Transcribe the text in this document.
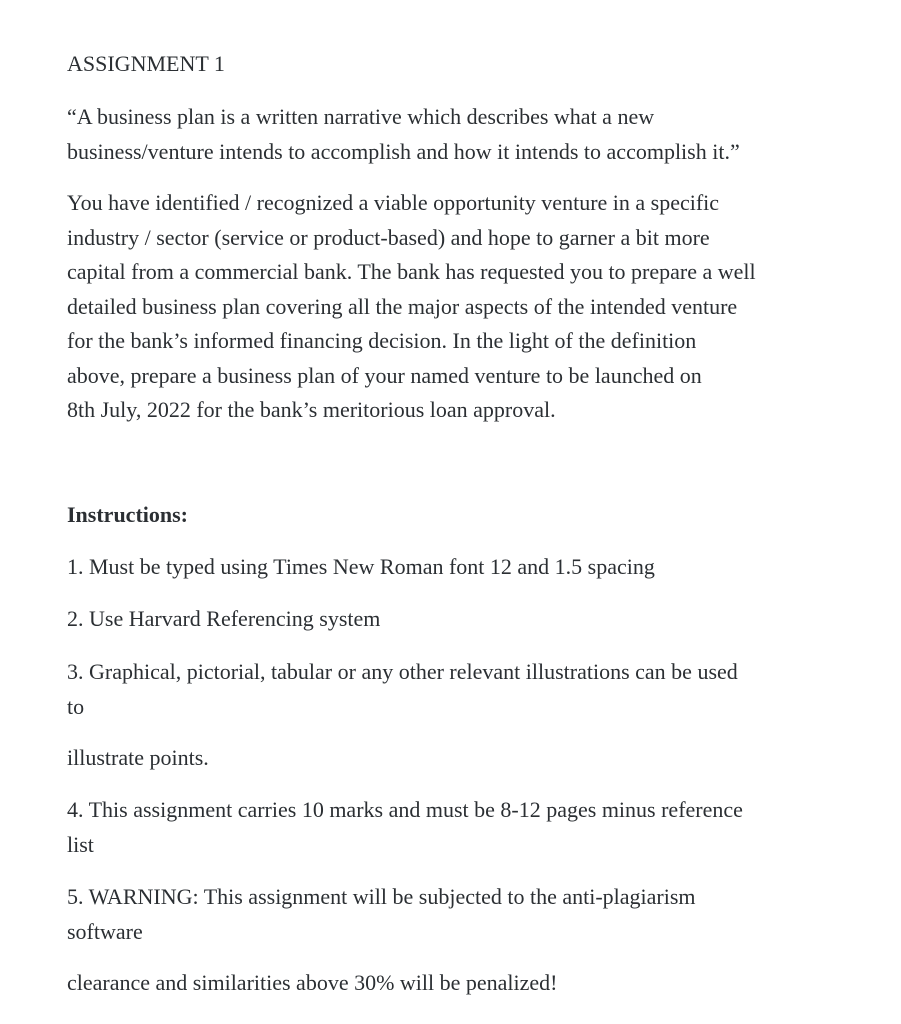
ASSIGNMENT 1

“A business plan is a written narrative which describes what a new
business/venture intends to accomplish and how it intends to accomplish it.”

You have identified / recognized a viable opportunity venture in a specific
industry / sector (service or product-based) and hope to garner a bit more
capital from a commercial bank. The bank has requested you to prepare a well
detailed business plan covering all the major aspects of the intended venture
for the bank’s informed financing decision. In the light of the definition
above, prepare a business plan of your named venture to be launched on
8th July, 2022 for the bank’s meritorious loan approval.

Instructions:

1. Must be typed using Times New Roman font 12 and 1.5 spacing

2. Use Harvard Referencing system

3. Graphical, pictorial, tabular or any other relevant illustrations can be used
to

illustrate points.

4. This assignment carries 10 marks and must be 8-12 pages minus reference
list

5. WARNING: This assignment will be subjected to the anti-plagiarism
software

clearance and similarities above 30% will be penalized!
